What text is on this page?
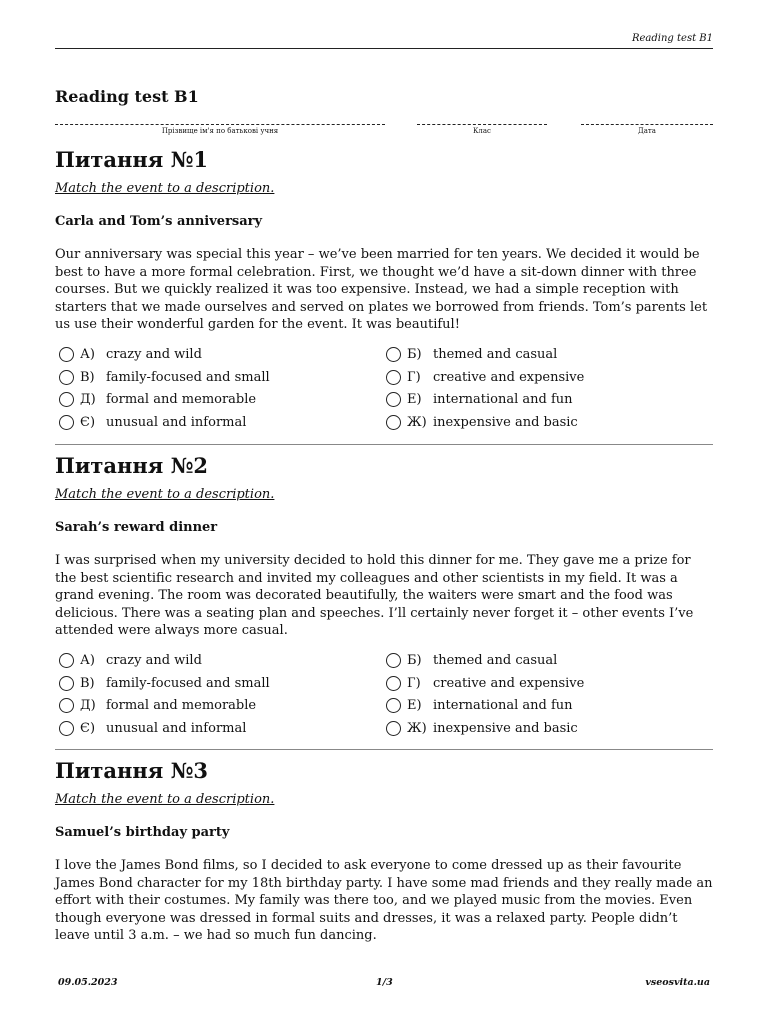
Reading test B1
Reading test B1
Прізвище ім'я по батькові учня	Клас	Дата
Питання №1
Match the event to a description.
Carla and Tom’s anniversary
Our anniversary was special this year – we’ve been married for ten years. We decided it would be best to have a more formal celebration. First, we thought we’d have a sit-down dinner with three courses. But we quickly realized it was too expensive. Instead, we had a simple reception with starters that we made ourselves and served on plates we borrowed from friends. Tom’s parents let us use their wonderful garden for the event. It was beautiful!
А) crazy and wild	Б) themed and casual
В) family-focused and small	Г) creative and expensive
Д) formal and memorable	Е) international and fun
Є) unusual and informal	Ж) inexpensive and basic
Питання №2
Match the event to a description.
Sarah’s reward dinner
I was surprised when my university decided to hold this dinner for me. They gave me a prize for the best scientific research and invited my colleagues and other scientists in my field. It was a grand evening. The room was decorated beautifully, the waiters were smart and the food was delicious. There was a seating plan and speeches. I’ll certainly never forget it – other events I’ve attended were always more casual.
А) crazy and wild	Б) themed and casual
В) family-focused and small	Г) creative and expensive
Д) formal and memorable	Е) international and fun
Є) unusual and informal	Ж) inexpensive and basic
Питання №3
Match the event to a description.
Samuel’s birthday party
I love the James Bond films, so I decided to ask everyone to come dressed up as their favourite James Bond character for my 18th birthday party. I have some mad friends and they really made an effort with their costumes. My family was there too, and we played music from the movies. Even though everyone was dressed in formal suits and dresses, it was a relaxed party. People didn’t leave until 3 a.m. – we had so much fun dancing.
09.05.2023	1/3	vseosvita.ua
